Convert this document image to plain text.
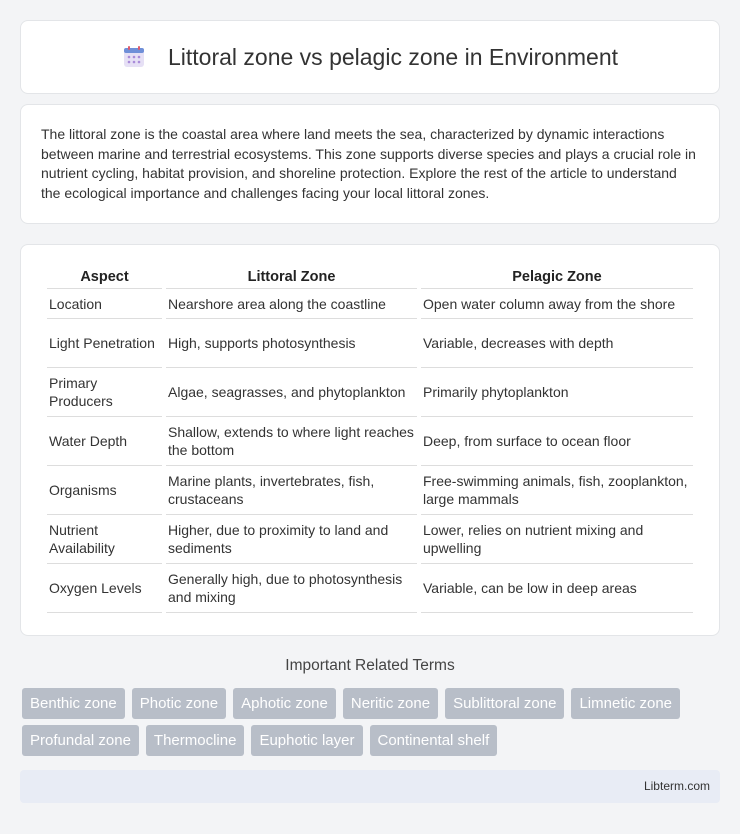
Littoral zone vs pelagic zone in Environment

The littoral zone is the coastal area where land meets the sea, characterized by dynamic interactions between marine and terrestrial ecosystems. This zone supports diverse species and plays a crucial role in nutrient cycling, habitat provision, and shoreline protection. Explore the rest of the article to understand the ecological importance and challenges facing your local littoral zones.

Aspect	Littoral Zone	Pelagic Zone
Location	Nearshore area along the coastline	Open water column away from the shore
Light Penetration	High, supports photosynthesis	Variable, decreases with depth
Primary Producers	Algae, seagrasses, and phytoplankton	Primarily phytoplankton
Water Depth	Shallow, extends to where light reaches the bottom	Deep, from surface to ocean floor
Organisms	Marine plants, invertebrates, fish, crustaceans	Free-swimming animals, fish, zooplankton, large mammals
Nutrient Availability	Higher, due to proximity to land and sediments	Lower, relies on nutrient mixing and upwelling
Oxygen Levels	Generally high, due to photosynthesis and mixing	Variable, can be low in deep areas
Important Related Terms
Benthic zone	Photic zone	Aphotic zone	Neritic zone	Sublittoral zone	Limnetic zone
Profundal zone	Thermocline	Euphotic layer	Continental shelf
Libterm.com
